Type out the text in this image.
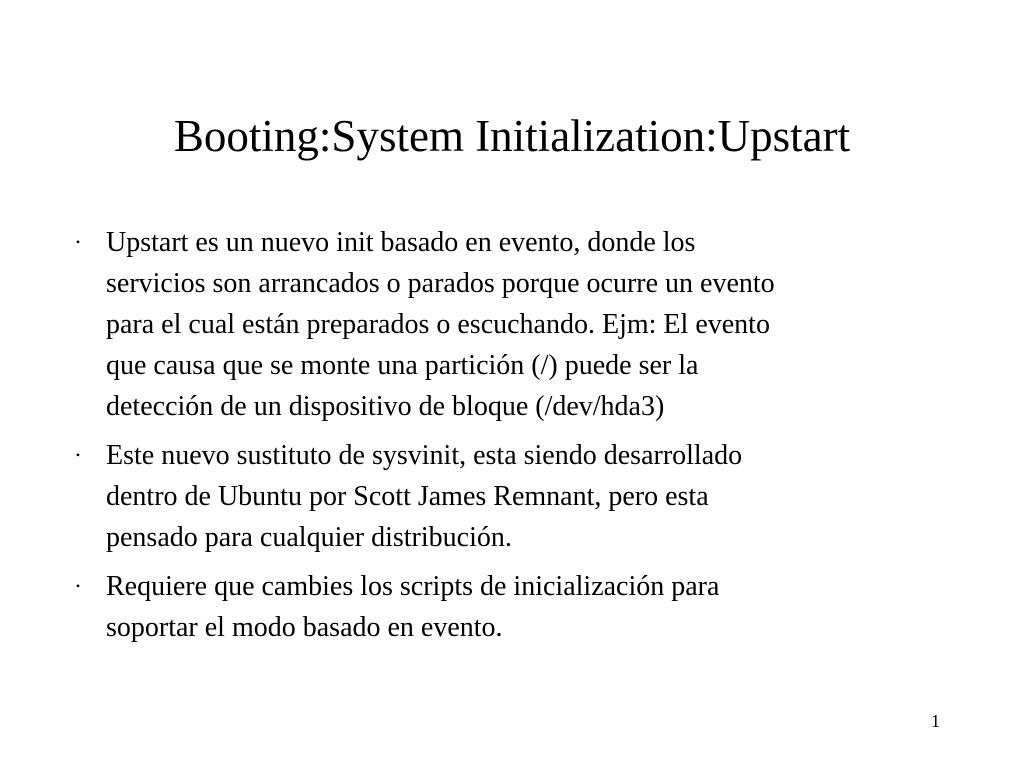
Booting:System Initialization:Upstart
• Upstart es un nuevo init basado en evento, donde los
servicios son arrancados o parados porque ocurre un evento
para el cual están preparados o escuchando. Ejm: El evento
que causa que se monte una partición (/) puede ser la
detección de un dispositivo de bloque (/dev/hda3)
• Este nuevo sustituto de sysvinit, esta siendo desarrollado
dentro de Ubuntu por Scott James Remnant, pero esta
pensado para cualquier distribución.
• Requiere que cambies los scripts de inicialización para
soportar el modo basado en evento.
1
